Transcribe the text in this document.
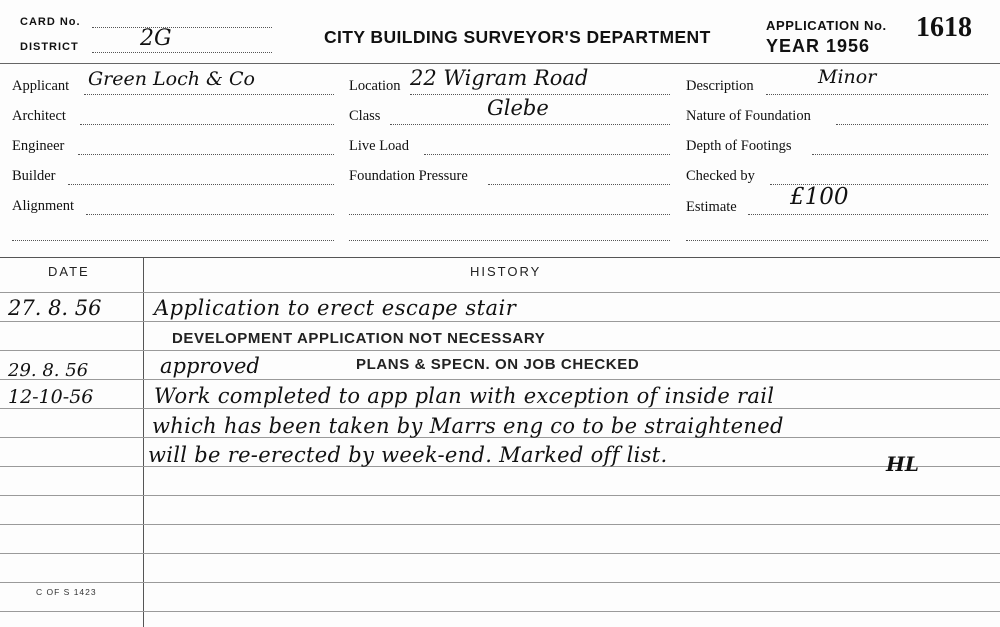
CARD No.
DISTRICT	2G	CITY BUILDING SURVEYOR'S DEPARTMENT
APPLICATION No. 1618
YEAR 1956
Applicant Green Loch & Co
Architect
Engineer
Builder
Alignment
Location 22 Wigram Road
Class	Glebe
Live Load
Foundation Pressure
Description	Minor
Nature of Foundation
Depth of Footings
Checked by
Estimate £100
DATE	HISTORY
27. 8. 56 Application to erect escape stair
DEVELOPMENT APPLICATION NOT NECESSARY
29. 8. 56	approved	PLANS & SPECN. ON JOB CHECKED
12-10-56	Work completed to app plan with exception of inside rail
which has been taken by Marrs eng co to be straightened
will be re-erected by week-end. Marked off list.	HL
C OF S 1423
